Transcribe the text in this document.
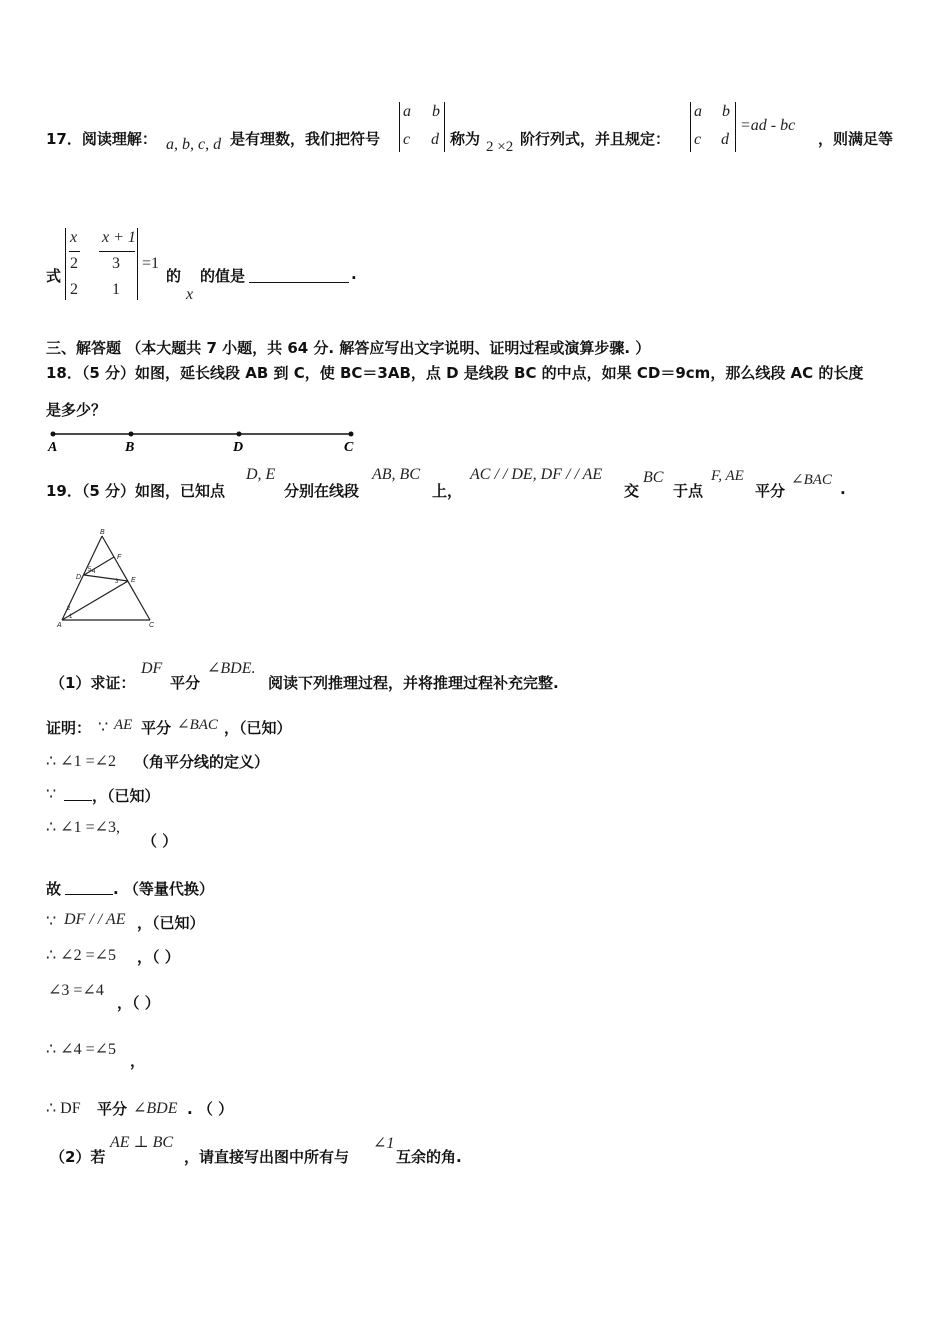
17．阅读理解： a, b, c, d 是有理数，我们把符号
a b
c d 称为 2 ×2 阶行列式，并且规定：
a b
c d
=ad - bc
，则满足等
式
x x + 1
2 3
2 1
=1
的
x
的值是	.
三、解答题 （本大题共 7 小题，共 64 分. 解答应写出文字说明、证明过程或演算步骤. ）
18．（5 分）如图，延长线段 AB 到 C，使 BC＝3AB，点 D 是线段 BC 的中点，如果 CD＝9cm，那么线段 AC 的长度
是多少？
A	B	D	C
19．（5 分）如图，已知点
D, E
分别在线段
AB, BC
上，
AC / / DE, DF / / AE
交
BC
于点
F, AE
平分
∠BAC .
B
F
D	E
A	C
1
2
3
4
5
（1）求证：
DF
平分
∠BDE.
阅读下列推理过程，并将推理过程补充完整.
证明： ∵ AE 平分 ∠BAC ，（已知）
∴ ∠1 =∠2 （角平分线的定义）
∵ ，（已知）
∴ ∠1 =∠3,
（ ）
故	. （等量代换）
∵ DF / / AE ，（已知）
∴ ∠2 =∠5 ，（ ）
∠3 =∠4
，（ ）
∴ ∠4 =∠5
，
∴ DF 平分 ∠BDE . （ ）
（2）若
AE ⊥ BC
，请直接写出图中所有与
∠1
互余的角.
